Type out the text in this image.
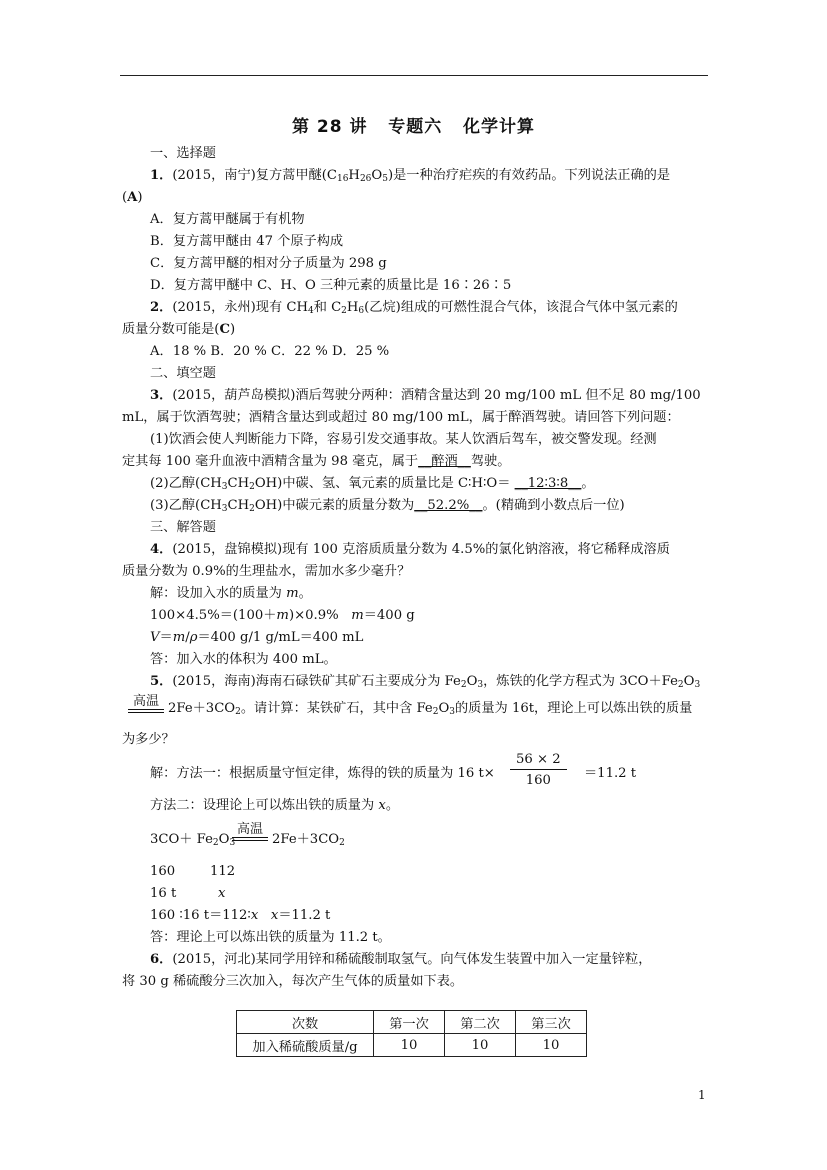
第 28 讲   专题六   化学计算
一、选择题
1．(2015，南宁)复方蒿甲醚$(C_{16}H_{26}O_5)$是一种治疗疟疾的有效药品。下列说法正确的是
(A)
A．复方蒿甲醚属于有机物
B．复方蒿甲醚由 47 个原子构成
C．复方蒿甲醚的相对分子质量为 298 g
D．复方蒿甲醚中 C、H、O 三种元素的质量比是 16∶26∶5
2．(2015，永州)现有 $CH_4$和 $C_2H_6$(乙烷)组成的可燃性混合气体，该混合气体中氢元素的
质量分数可能是(C)
A．18 % B．20 % C．22 % D．25 %
二、填空题
3．(2015，葫芦岛模拟)酒后驾驶分两种：酒精含量达到 20 mg/100 mL 但不足 80 mg/100
mL，属于饮酒驾驶；酒精含量达到或超过 80 mg/100 mL，属于醉酒驾驶。请回答下列问题：
(1)饮酒会使人判断能力下降，容易引发交通事故。某人饮酒后驾车，被交警发现。经测
定其每 100 毫升血液中酒精含量为 98 毫克，属于__醉酒__驾驶。
(2)乙醇$(CH_3CH_2OH)$中碳、氢、氧元素的质量比是 C∶H∶O＝ __12∶3∶8__。
(3)乙醇$(CH_3CH_2OH)$中碳元素的质量分数为__52.2%__。(精确到小数点后一位)
三、解答题
4．(2015，盘锦模拟)现有 100 克溶质质量分数为 4.5%的氯化钠溶液，将它稀释成溶质
质量分数为 0.9%的生理盐水，需加水多少毫升？
解：设加入水的质量为 m。
100×4.5%＝(100＋m)×0.9%   m＝400 g
V＝m/ρ＝400 g/1 g/mL＝400 mL
答：加入水的体积为 400 mL。
5．(2015，海南)海南石碌铁矿其矿石主要成分为 $Fe_2O_3$，炼铁的化学方程式为 $3CO+Fe_2O_3$
高温 $2Fe+3CO_2$。请计算：某铁矿石，其中含 $Fe_2O_3$的质量为 16t，理论上可以炼出铁的质量
为多少？
解：方法一：根据质量守恒定律，炼得的铁的质量为 16 $t\times \frac{56 \times 2}{160} =11.2$ t
方法二：设理论上可以炼出铁的质量为 x。
$3CO+ Fe_2O_3$
高温
$2Fe+3CO_2$
160	112
16 t	x
160 ∶16 t＝112∶x x＝11.2 t
答：理论上可以炼出铁的质量为 11.2 t。
6．(2015，河北)某同学用锌和稀硫酸制取氢气。向气体发生装置中加入一定量锌粒，
将 30 g 稀硫酸分三次加入，每次产生气体的质量如下表。
次数	第一次	第二次	第三次
加入稀硫酸质量/g	10	10	10
1
